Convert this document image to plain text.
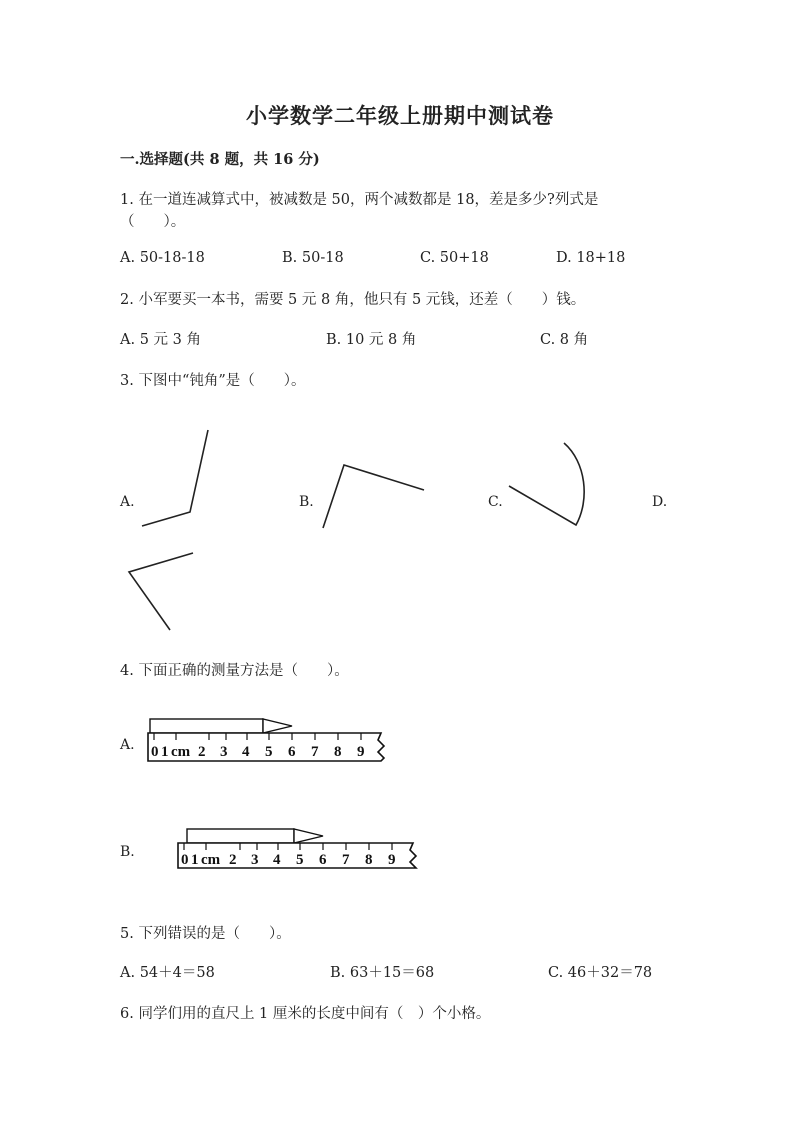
小学数学二年级上册期中测试卷
一.选择题(共 8 题，共 16 分)
1. 在一道连减算式中，被减数是 50，两个减数都是 18，差是多少?列式是
（　　）。
A. 50-18-18	B. 50-18	C. 50+18	D. 18+18
2. 小军要买一本书，需要 5 元 8 角，他只有 5 元钱，还差（　　）钱。
A. 5 元 3 角	B. 10 元 8 角	C. 8 角
3. 下图中“钝角”是（　　）。
A.	B.	C.	D.
4. 下面正确的测量方法是（　　）。
A.
B.
0 1 cm 2 3 4 5 6 7 8 9
0 1 cm 2 3 4 5 6 7 8 9
5. 下列错误的是（　　）。
A. 54＋4＝58	B. 63＋15＝68	C. 46＋32＝78
6. 同学们用的直尺上 1 厘米的长度中间有（　）个小格。
